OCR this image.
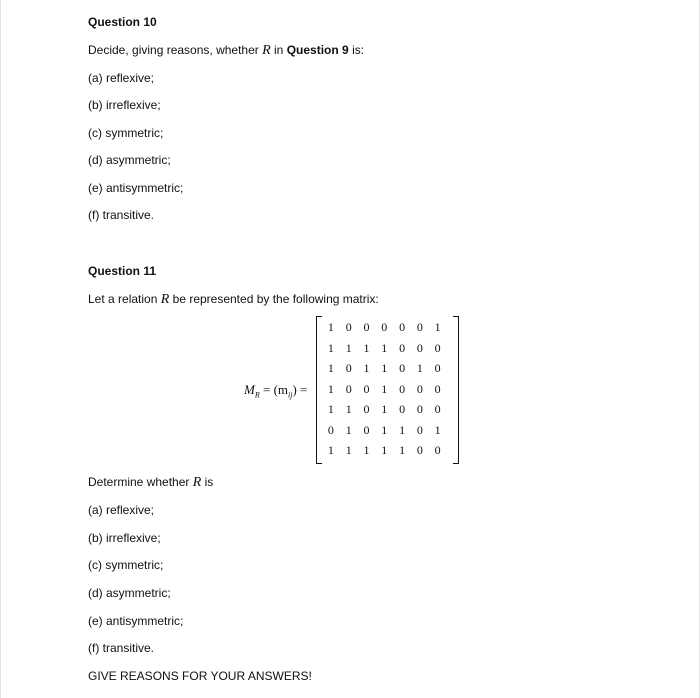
Question 10
Decide, giving reasons, whether R in Question 9 is:
(a) reflexive;
(b) irreflexive;
(c) symmetric;
(d) asymmetric;
(e) antisymmetric;
(f) transitive.
Question 11
Let a relation R be represented by the following matrix:
$M_R = (m_{ij})$ =
1 0 0 0 0 0 1
1 1 1 1 0 0 0
1 0 1 1 0 1 0
1 0 0 1 0 0 0
1 1 0 1 0 0 0
0 1 0 1 1 0 1
1 1 1 1 1 0 0
Determine whether R is
(a) reflexive;
(b) irreflexive;
(c) symmetric;
(d) asymmetric;
(e) antisymmetric;
(f) transitive.
GIVE REASONS FOR YOUR ANSWERS!
